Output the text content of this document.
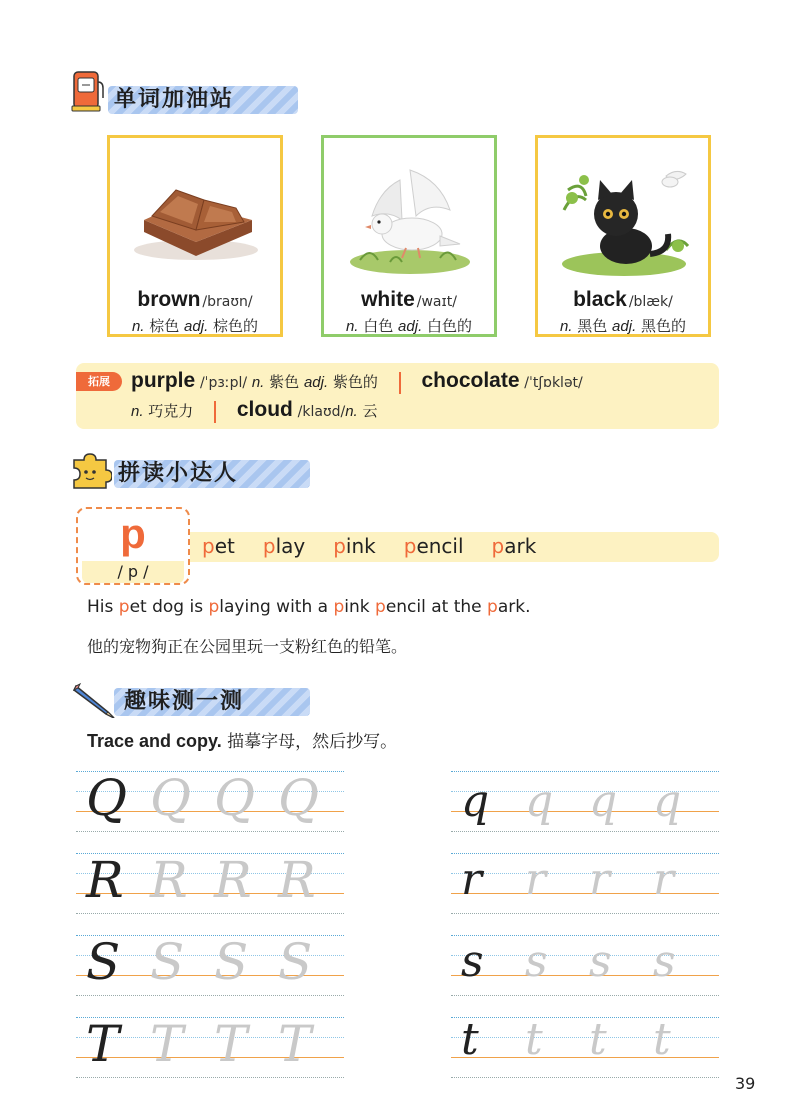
单词加油站
brown /braʊn/
n. 棕色 adj. 棕色的
white /waɪt/
n. 白色 adj. 白色的
black /blæk/
n. 黑色 adj. 黑色的
拓展	purple /ˈpɜːpl/ n. 紫色 adj. 紫色的 chocolate /ˈtʃɒklət/
n. 巧克力 cloud /klaʊd/n. 云
拼读小达人
p
/ p /
pet play pink pencil park
His pet dog is playing with a pink pencil at the park.
他的宠物狗正在公园里玩一支粉红色的铅笔。
趣味测一测
Trace and copy. 描摹字母，然后抄写。
Q Q Q Q
R R R R
S S S S
T T T T
q q q q
r r r r
s s s s
t t t t
39
